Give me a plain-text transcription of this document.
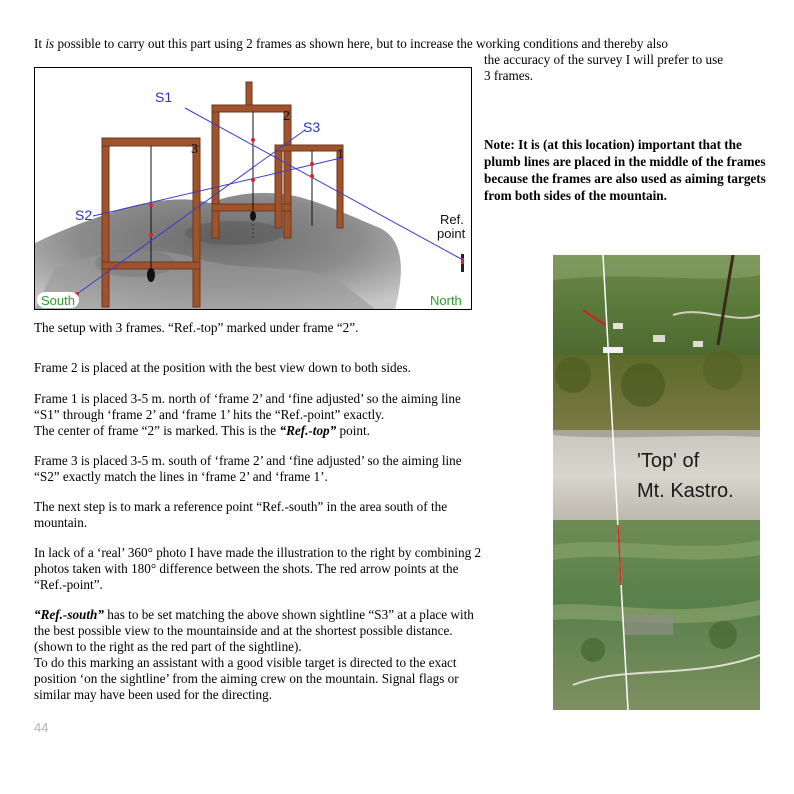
It is possible to carry out this part using 2 frames as shown here, but to increase the working conditions and thereby also
the accuracy of the survey I will prefer to use
3 frames.
S1
S2
S3
1
2
3
Ref.
point
South	North
Note: It is (at this location) important that the plumb lines are placed in the middle of the frames because the frames are also used as aiming targets from both sides of the mountain.
The setup with 3 frames. “Ref.-top” marked under frame “2”.

Frame 2 is placed at the position with the best view down to both sides.

Frame 1 is placed 3-5 m. north of ‘frame 2’ and ‘fine adjusted’ so the aiming line

“S1” through ‘frame 2’ and ‘frame 1’ hits the “Ref.-point” exactly.

The center of frame “2” is marked. This is the “Ref.-top” point.

Frame 3 is placed 3-5 m. south of ‘frame 2’ and ‘fine adjusted’ so the aiming line

“S2” exactly match the lines in ‘frame 2’ and ‘frame 1’.

The next step is to mark a reference point “Ref.-south” in the area south of the

mountain.

In lack of a ‘real’ 360° photo I have made the illustration to the right by combining 2

photos taken with 180° difference between the shots. The red arrow points at the

“Ref.-point”.

“Ref.-south” has to be set matching the above shown sightline “S3” at a place with

the best possible view to the mountainside and at the shortest possible distance.

(shown to the right as the red part of the sightline).

To do this marking an assistant with a good visible target is directed to the exact

position ‘on the sightline’ from the aiming crew on the mountain. Signal flags or

similar may have been used for the directing.

44
'Top' of
Mt. Kastro.
